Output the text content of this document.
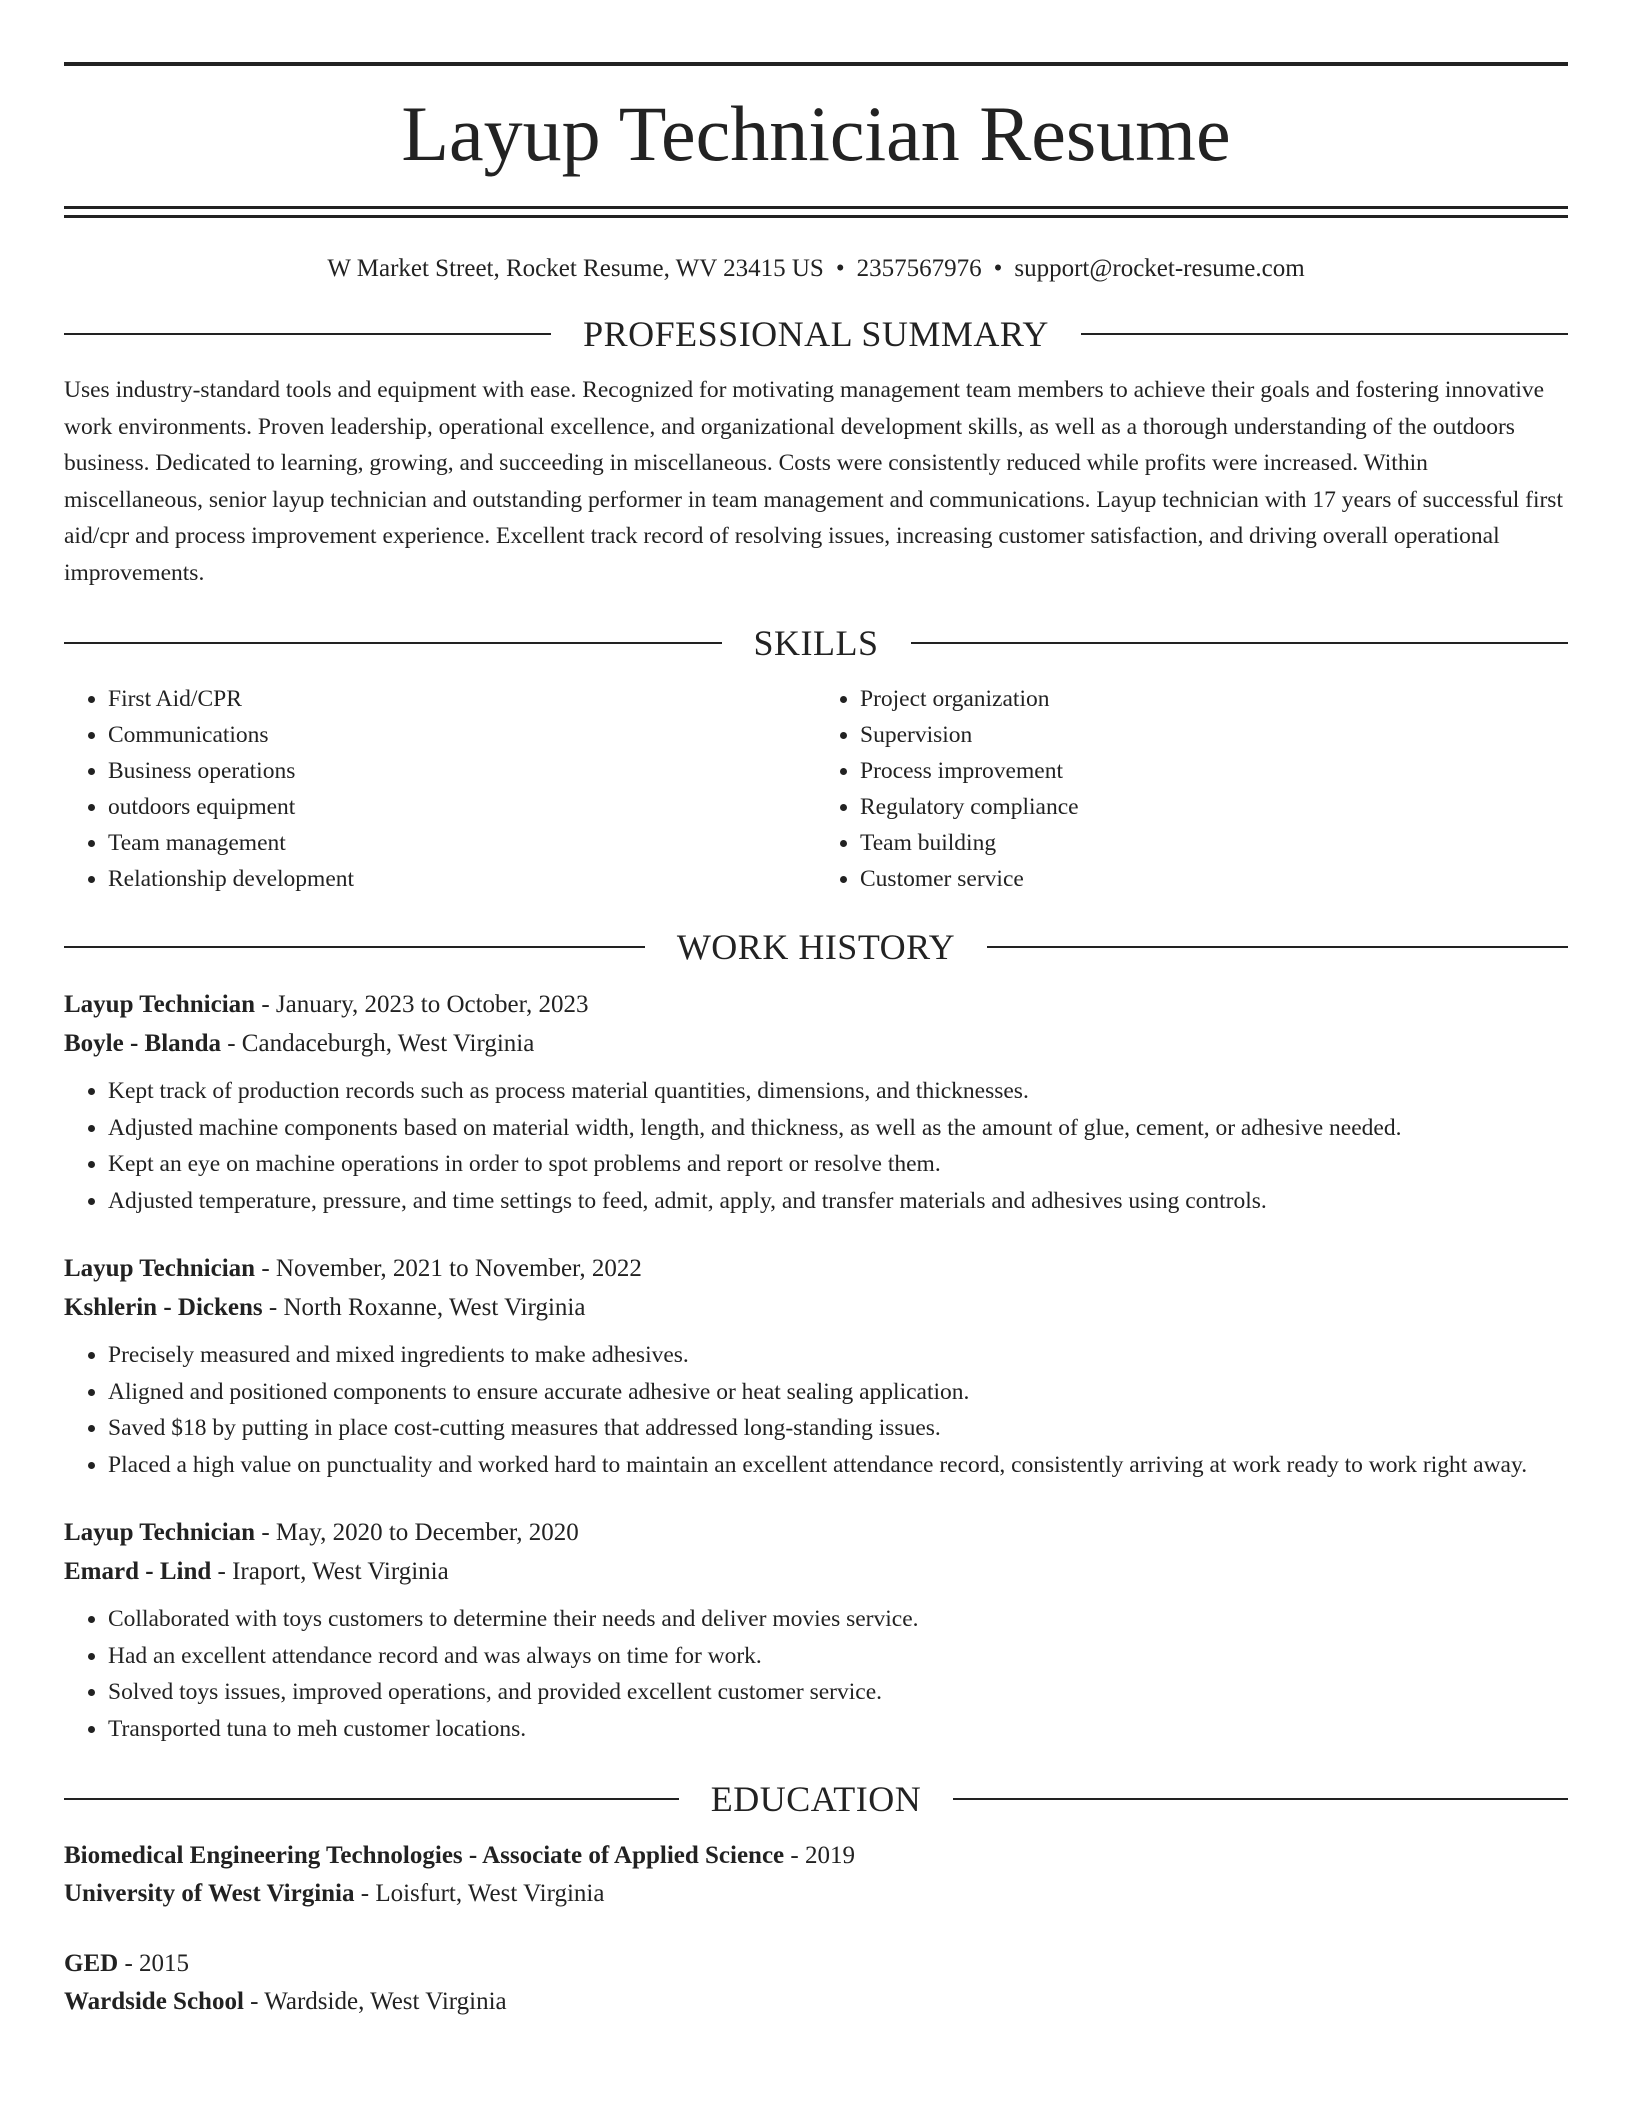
Layup Technician Resume
W Market Street, Rocket Resume, WV 23415 US • 2357567976 • support@rocket-resume.com
PROFESSIONAL SUMMARY

Uses industry-standard tools and equipment with ease. Recognized for motivating management team members to achieve their goals and fostering innovative work environments. Proven leadership, operational excellence, and organizational development skills, as well as a thorough understanding of the outdoors business. Dedicated to learning, growing, and succeeding in miscellaneous. Costs were consistently reduced while profits were increased. Within miscellaneous, senior layup technician and outstanding performer in team management and communications. Layup technician with 17 years of successful first aid/cpr and process improvement experience. Excellent track record of resolving issues, increasing customer satisfaction, and driving overall operational improvements.

SKILLS
• First Aid/CPR
• Communications
• Business operations
• outdoors equipment
• Team management
• Relationship development
• Project organization
• Supervision
• Process improvement
• Regulatory compliance
• Team building
• Customer service
WORK HISTORY
Layup Technician - January, 2023 to October, 2023
Boyle - Blanda - Candaceburgh, West Virginia
• Kept track of production records such as process material quantities, dimensions, and thicknesses.
• Adjusted machine components based on material width, length, and thickness, as well as the amount of glue, cement, or adhesive needed.
• Kept an eye on machine operations in order to spot problems and report or resolve them.
• Adjusted temperature, pressure, and time settings to feed, admit, apply, and transfer materials and adhesives using controls.
Layup Technician - November, 2021 to November, 2022
Kshlerin - Dickens - North Roxanne, West Virginia
• Precisely measured and mixed ingredients to make adhesives.
• Aligned and positioned components to ensure accurate adhesive or heat sealing application.
• Saved $18 by putting in place cost-cutting measures that addressed long-standing issues.
• Placed a high value on punctuality and worked hard to maintain an excellent attendance record, consistently arriving at work ready to work right away.
Layup Technician - May, 2020 to December, 2020
Emard - Lind - Iraport, West Virginia
• Collaborated with toys customers to determine their needs and deliver movies service.
• Had an excellent attendance record and was always on time for work.
• Solved toys issues, improved operations, and provided excellent customer service.
• Transported tuna to meh customer locations.
EDUCATION
Biomedical Engineering Technologies - Associate of Applied Science - 2019
University of West Virginia - Loisfurt, West Virginia
GED - 2015
Wardside School - Wardside, West Virginia
